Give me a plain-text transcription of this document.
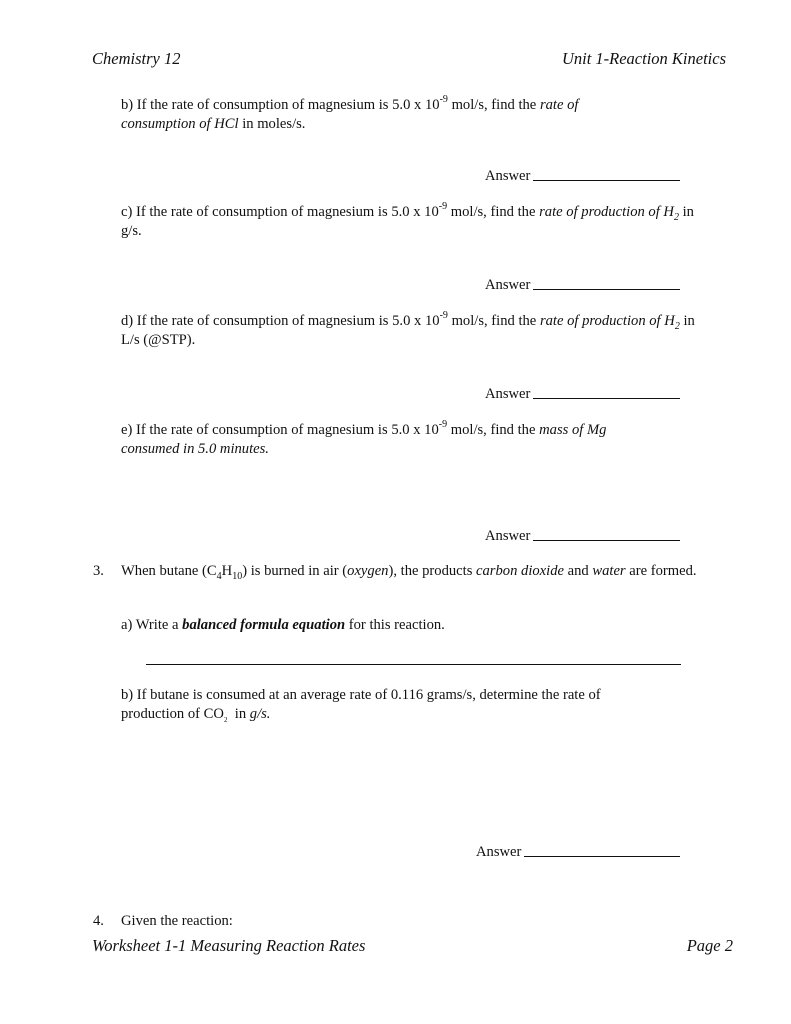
Chemistry 12	Unit 1-Reaction Kinetics
b) If the rate of consumption of magnesium is 5.0 x $10^{-9}$ mol/s, find the rate of consumption of HCl in moles/s.
Answer
c) If the rate of consumption of magnesium is 5.0 x $10^{-9}$ mol/s, find the rate of production of $H_2$ in g/s.
Answer
d) If the rate of consumption of magnesium is 5.0 x $10^{-9}$ mol/s, find the rate of production of $H_2$ in L/s (@STP).
Answer
e) If the rate of consumption of magnesium is 5.0 x $10^{-9}$ mol/s, find the mass of Mg consumed in 5.0 minutes.
Answer
3. When butane $(C_4H_{10})$ is burned in air (oxygen), the products carbon dioxide and water are formed.
a) Write a balanced formula equation for this reaction.
b) If butane is consumed at an average rate of 0.116 grams/s, determine the rate of production of $CO_2$ in g/s.
Answer
4. Given the reaction:
Worksheet 1-1 Measuring Reaction Rates	Page 2
